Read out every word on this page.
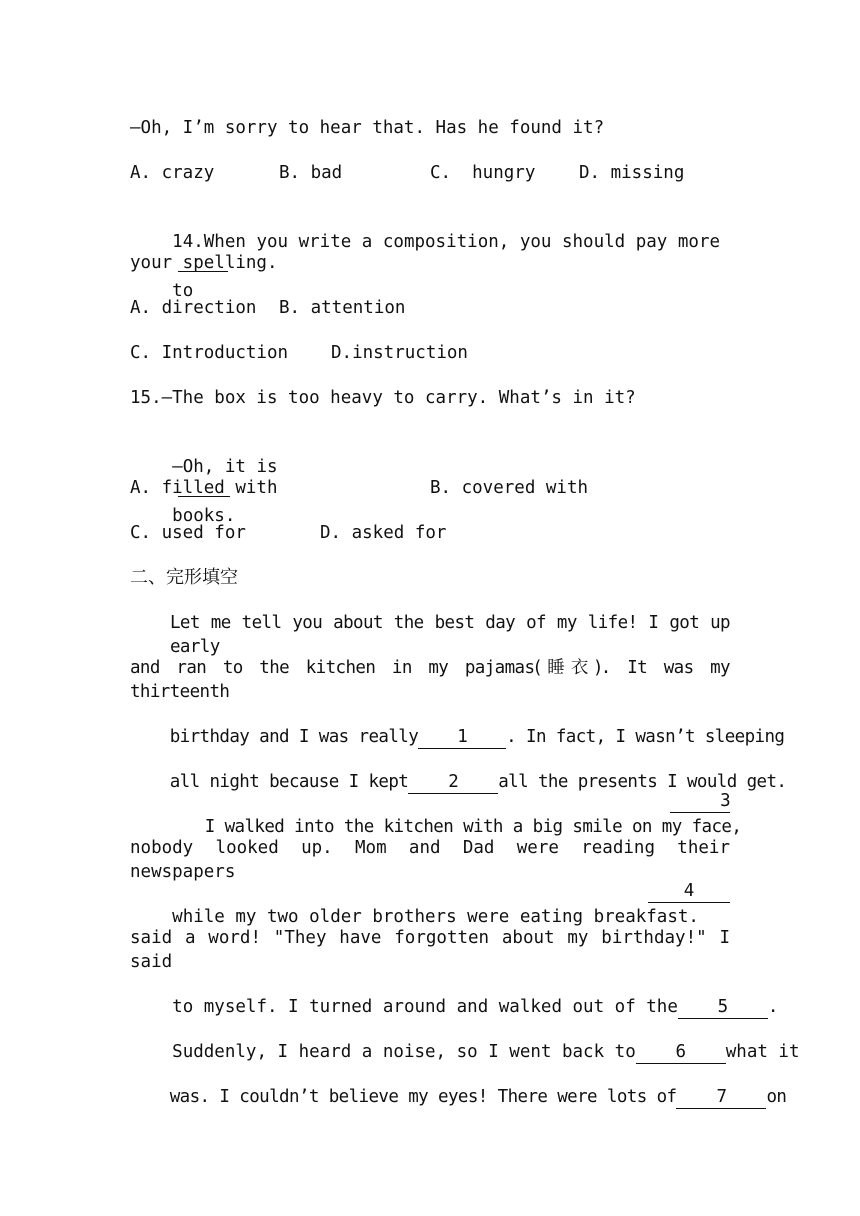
—Oh, I’m sorry to hear that. Has he found it?

A. crazy

	B. bad

	C.  hungry

D. missing

14.When you write a composition, you should pay more

to

your spelling.

A. direction

B. attention

C. Introduction

D.instruction

15.—The box is too heavy to carry. What’s in it?

—Oh, it is

books.

A. filled with

	B. covered with

C. used for

	D. asked for

二、完形填空
Let me tell you about the best day of my life! I got up early
and ran to the kitchen in my pajamas(睡衣). It was my thirteenth

birthday and I was really 1 . In fact, I wasn’t sleeping

all night because I kept 2 all the presents I would get.

I walked into the kitchen with a big smile on my face,

3

nobody looked up. Mom and Dad were reading their newspapers

while my two older brothers were eating breakfast.

4

said a word! "They have forgotten about my birthday!" I said

to myself. I turned around and walked out of the 5 .

Suddenly, I heard a noise, so I went back to 6 what it

was. I couldn’t believe my eyes! There were lots of 7 on
